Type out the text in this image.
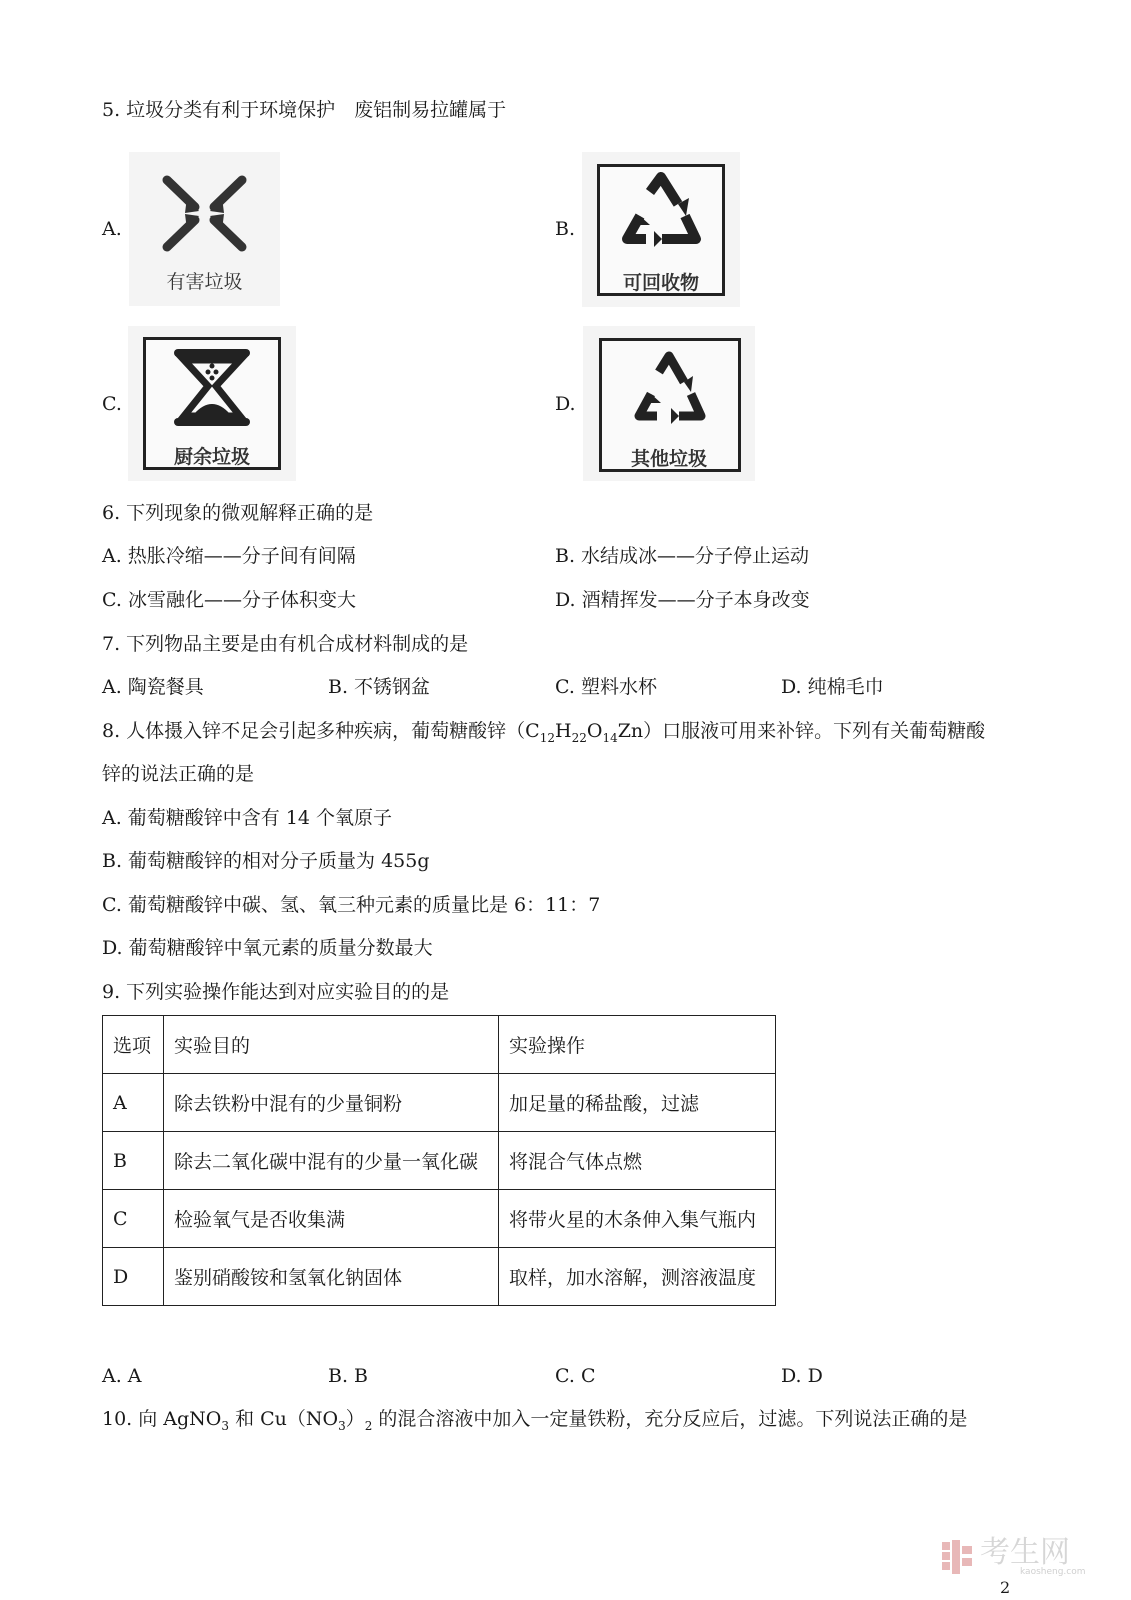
5. 垃圾分类有利于环境保护　废铝制易拉罐属于
A.
有害垃圾
B.
可回收物
C.
厨余垃圾
D.
其他垃圾
6. 下列现象的微观解释正确的是
A. 热胀冷缩——分子间有间隔	B. 水结成冰——分子停止运动
C. 冰雪融化——分子体积变大	D. 酒精挥发——分子本身改变
7. 下列物品主要是由有机合成材料制成的是
A. 陶瓷餐具	B. 不锈钢盆	C. 塑料水杯	D. 纯棉毛巾
8. 人体摄入锌不足会引起多种疾病，葡萄糖酸锌$(C_{12}H_{22}O_{14}Zn)$口服液可用来补锌。下列有关葡萄糖酸
锌的说法正确的是
A. 葡萄糖酸锌中含有 14 个氧原子
B. 葡萄糖酸锌的相对分子质量为 455g
C. 葡萄糖酸锌中碳、氢、氧三种元素的质量比是 6：11：7
D. 葡萄糖酸锌中氧元素的质量分数最大
9. 下列实验操作能达到对应实验目的的是
选项	实验目的	实验操作
A	除去铁粉中混有的少量铜粉	加足量的稀盐酸，过滤
B	除去二氧化碳中混有的少量一氧化碳	将混合气体点燃
C	检验氧气是否收集满	将带火星的木条伸入集气瓶内
D	鉴别硝酸铵和氢氧化钠固体	取样，加水溶解，测溶液温度
A. A	B. B	C. C	D. D
10. 向 AgNO$_3$ 和 $Cu(NO_3)_2$ 的混合溶液中加入一定量铁粉，充分反应后，过滤。下列说法正确的是
考生网
kaosheng.com
2
